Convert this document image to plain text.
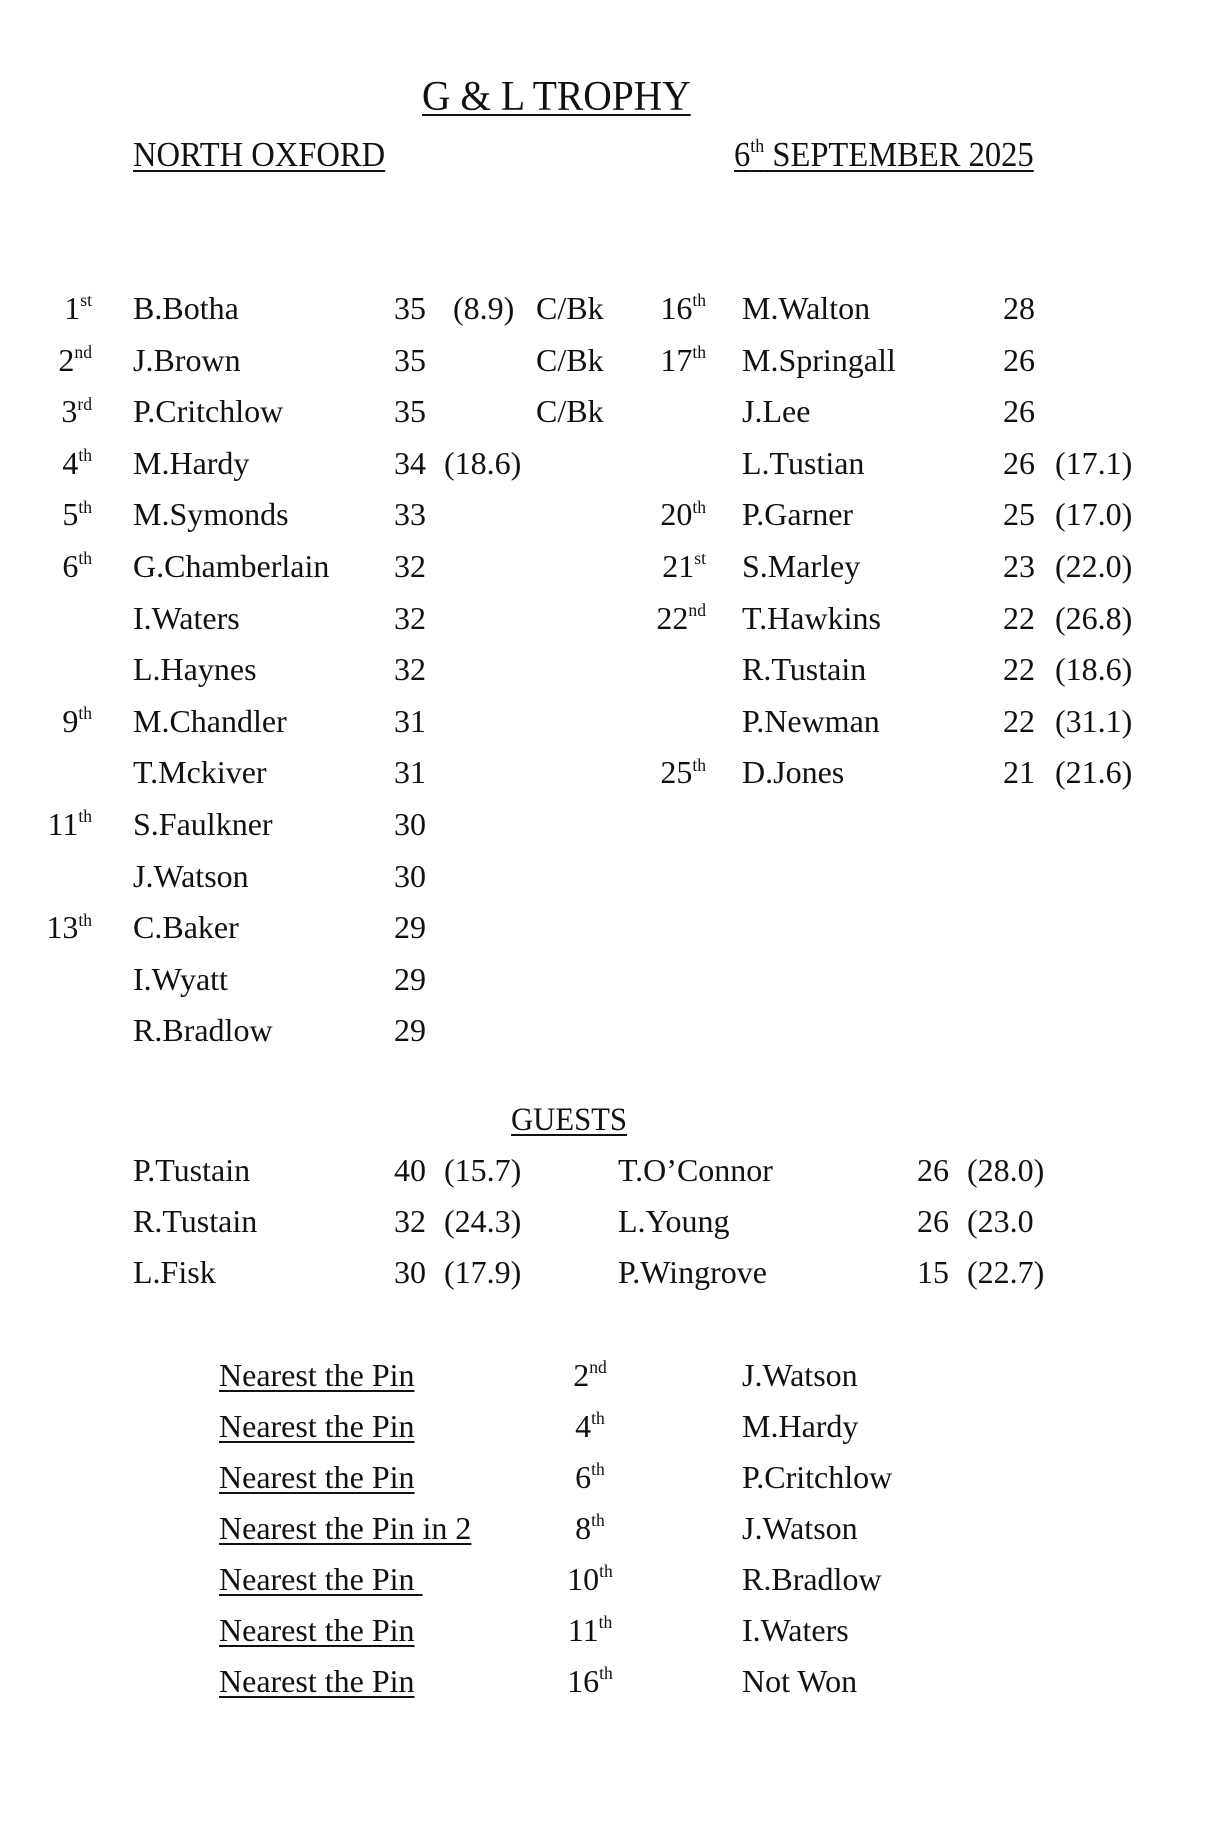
G & L TROPHY
NORTH OXFORD	6th SEPTEMBER 2025
1st B.Botha	35 (8.9) C/Bk
2nd J.Brown	35	C/Bk
3rd P.Critchlow	35	C/Bk
4th M.Hardy	34 (18.6)
5th M.Symonds	33
6th G.Chamberlain 32
I.Waters	32
L.Haynes	32
9th M.Chandler	31
T.Mckiver	31
11th S.Faulkner	30
J.Watson	30
13th C.Baker	29
I.Wyatt	29
R.Bradlow	29
16th M.Walton	28
17th M.Springall	26
J.Lee	26
L.Tustian	26 (17.1)
20th P.Garner	25 (17.0)
21st S.Marley	23 (22.0)
22nd T.Hawkins	22 (26.8)
R.Tustain	22 (18.6)
P.Newman	22 (31.1)
25th D.Jones	21 (21.6)
GUESTS
P.Tustain	40 (15.7)
R.Tustain	32 (24.3)
L.Fisk	30 (17.9)
T.O’Connor	26 (28.0)
L.Young	26 (23.0
P.Wingrove	15 (22.7)
Nearest the Pin	2nd	J.Watson
Nearest the Pin	4th	M.Hardy
Nearest the Pin	6th	P.Critchlow
Nearest the Pin in 2	8th	J.Watson
Nearest the Pin	10th	R.Bradlow
Nearest the Pin	11th	I.Waters
Nearest the Pin	16th	Not Won
